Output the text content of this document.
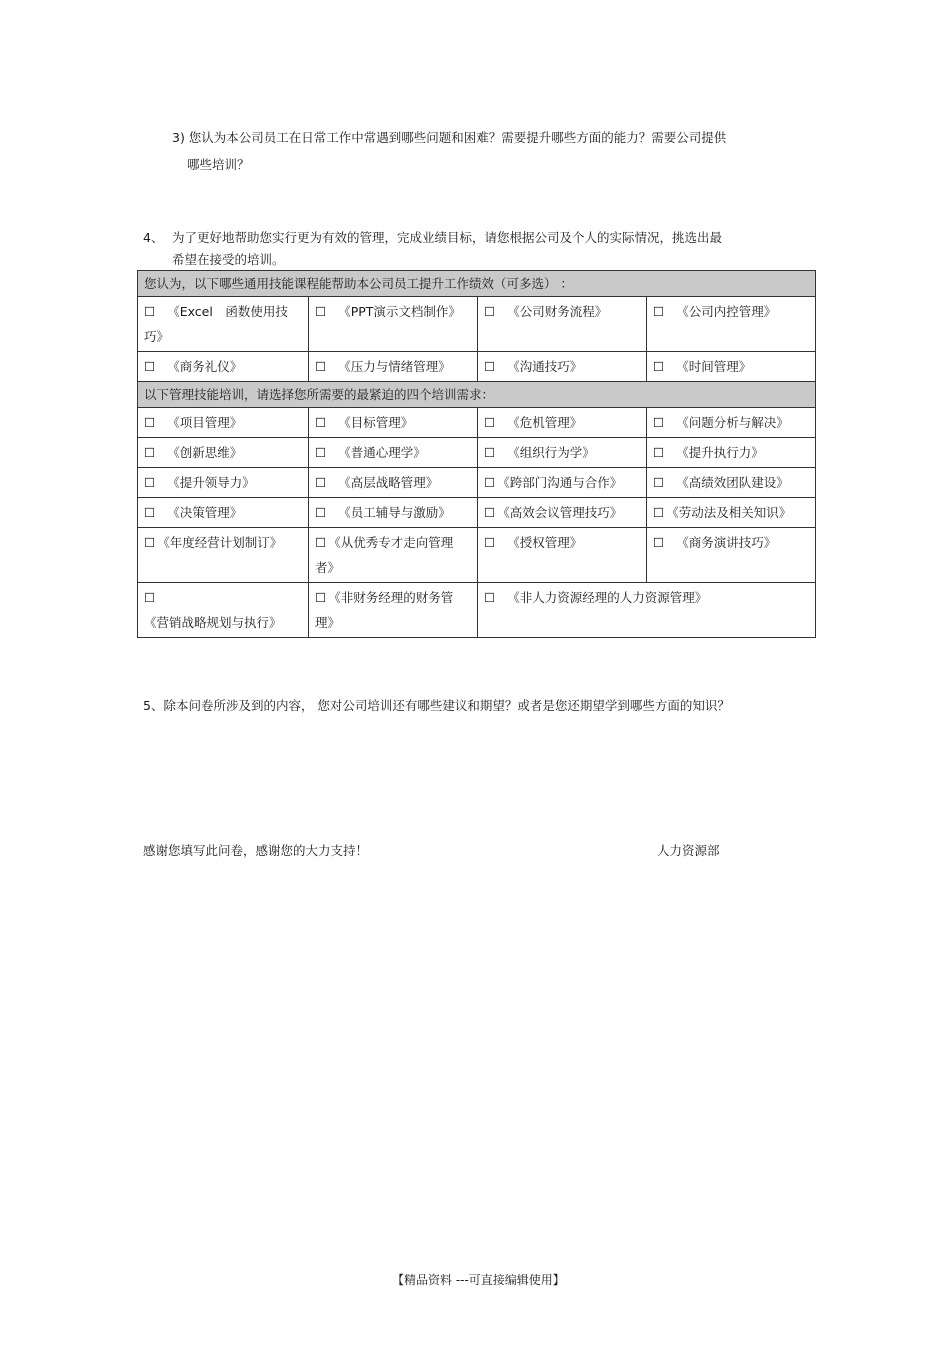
3) 您认为本公司员工在日常工作中常遇到哪些问题和困难？需要提升哪些方面的能力？需要公司提供
哪些培训？
4、 为了更好地帮助您实行更为有效的管理，完成业绩目标，请您根据公司及个人的实际情况，挑选出最
希望在接受的培训。
您认为，以下哪些通用技能课程能帮助本公司员工提升工作绩效（可多选） ：			
☐ 《Excel　函数使用技巧》	☐ 《PPT演示文档制作》	☐ 《公司财务流程》	☐ 《公司内控管理》
☐ 《商务礼仪》	☐ 《压力与情绪管理》	☐ 《沟通技巧》	☐ 《时间管理》
以下管理技能培训，请选择您所需要的最紧迫的四个培训需求：			
☐ 《项目管理》	☐ 《目标管理》	☐ 《危机管理》	☐ 《问题分析与解决》
☐ 《创新思维》	☐ 《普通心理学》	☐ 《组织行为学》	☐ 《提升执行力》
☐ 《提升领导力》	☐ 《高层战略管理》	☐ 《跨部门沟通与合作》	☐ 《高绩效团队建设》
☐ 《决策管理》	☐ 《员工辅导与激励》	☐ 《高效会议管理技巧》	☐ 《劳动法及相关知识》
☐ 《年度经营计划制订》	☐ 《从优秀专才走向管理者》	☐ 《授权管理》	☐ 《商务演讲技巧》
☐《营销战略规划与执行》	☐ 《非财务经理的财务管理》	☐ 《非人力资源经理的人力资源管理》	
5、除本问卷所涉及到的内容， 您对公司培训还有哪些建议和期望？或者是您还期望学到哪些方面的知识？
感谢您填写此问卷，感谢您的大力支持！	人力资源部
【精品资料 ---可直接编辑使用】
